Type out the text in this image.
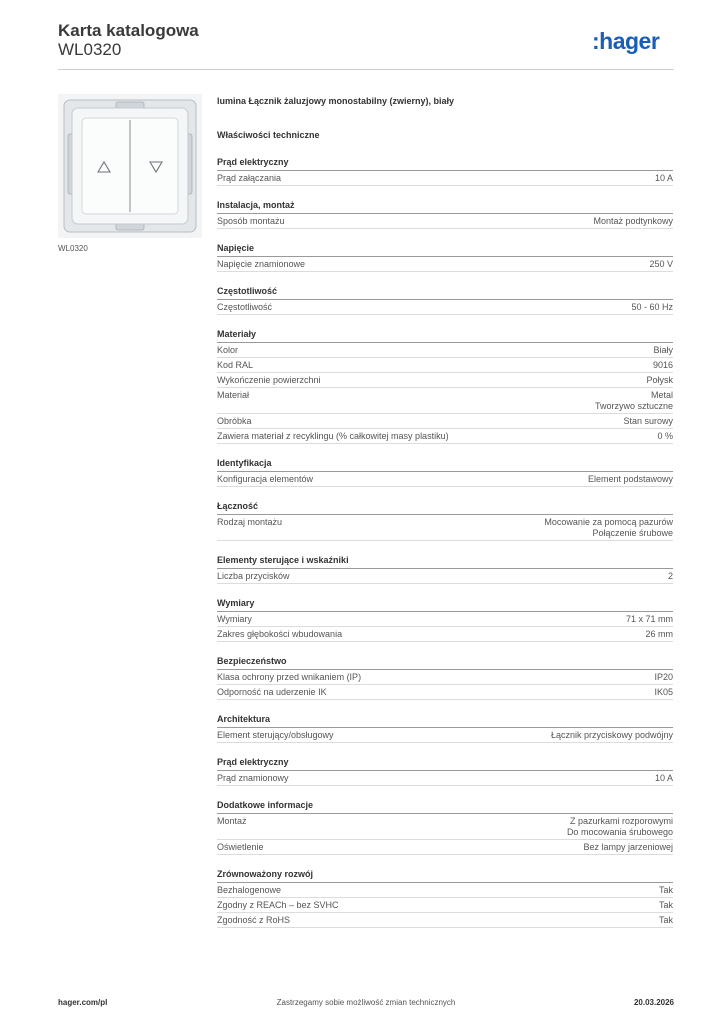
Karta katalogowa
WL0320	:hager
WL0320
lumina Łącznik żaluzjowy monostabilny (zwierny), biały
Właściwości techniczne
Prąd elektryczny
Prąd załączania	10 A
Instalacja, montaż
Sposób montażu	Montaż podtynkowy
Napięcie
Napięcie znamionowe	250 V
Częstotliwość
Częstotliwość	50 - 60 Hz
Materiały
Kolor	Biały
Kod RAL	9016
Wykończenie powierzchni	Połysk
Materiał	Metal
Tworzywo sztuczne
Obróbka	Stan surowy
Zawiera materiał z recyklingu (% całkowitej masy plastiku)	0 %
Identyfikacja
Konfiguracja elementów	Element podstawowy
Łączność
Rodzaj montażu	Mocowanie za pomocą pazurów
Połączenie śrubowe
Elementy sterujące i wskaźniki
Liczba przycisków	2
Wymiary
Wymiary	71 x 71 mm
Zakres głębokości wbudowania	26 mm
Bezpieczeństwo
Klasa ochrony przed wnikaniem (IP)	IP20
Odporność na uderzenie IK	IK05
Architektura
Element sterujący/obsługowy	Łącznik przyciskowy podwójny
Prąd elektryczny
Prąd znamionowy	10 A
Dodatkowe informacje
Montaż	Z pazurkami rozporowymi
Do mocowania śrubowego
Oświetlenie	Bez lampy jarzeniowej
Zrównoważony rozwój
Bezhalogenowe	Tak
Zgodny z REACh – bez SVHC	Tak
Zgodność z RoHS	Tak
Zastrzegamy sobie możliwość zmian technicznych
hager.com/pl	20.03.2026
